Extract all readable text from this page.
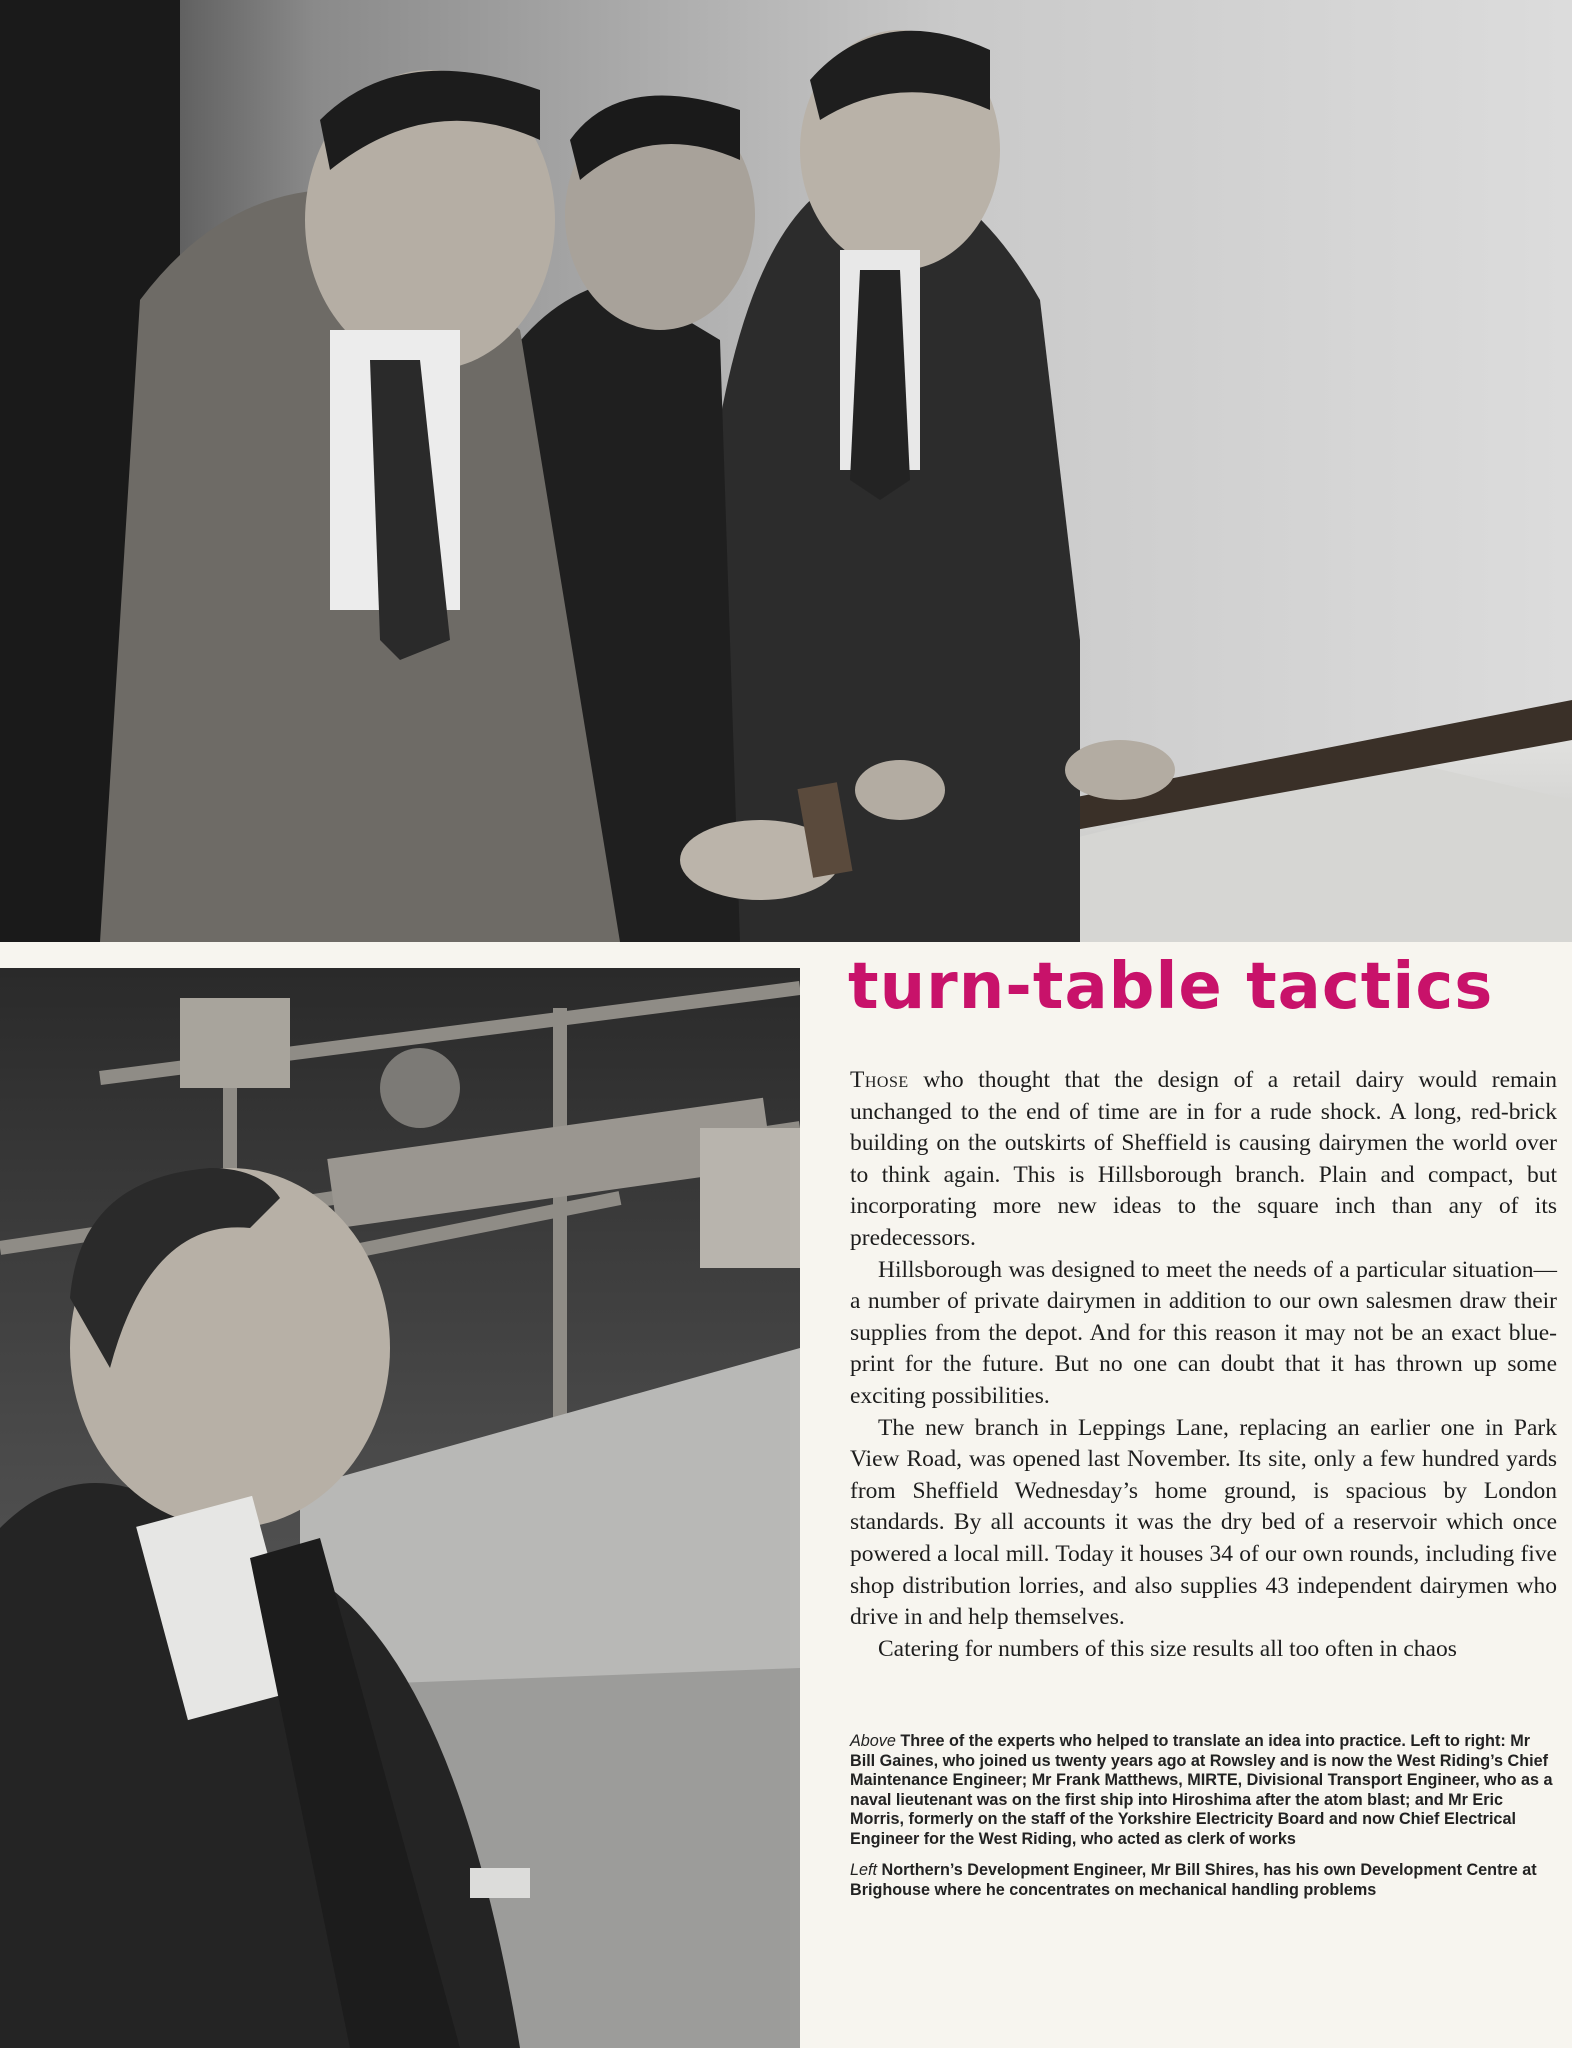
turn-table tactics

Those who thought that the design of a retail dairy would remain unchanged to the end of time are in for a rude shock. A long, red-brick building on the outskirts of Sheffield is causing dairymen the world over to think again. This is Hillsborough branch. Plain and compact, but incorporating more new ideas to the square inch than any of its predecessors.

Hillsborough was designed to meet the needs of a particular situation—a number of private dairymen in addition to our own salesmen draw their supplies from the depot. And for this reason it may not be an exact blue-print for the future. But no one can doubt that it has thrown up some exciting possibilities.

The new branch in Leppings Lane, replacing an earlier one in Park View Road, was opened last November. Its site, only a few hundred yards from Sheffield Wednesday’s home ground, is spacious by London standards. By all accounts it was the dry bed of a reservoir which once powered a local mill. Today it houses 34 of our own rounds, including five shop distribution lorries, and also supplies 43 independent dairymen who drive in and help themselves.

Catering for numbers of this size results all too often in chaos

Above Three of the experts who helped to translate an idea into practice. Left to right: Mr Bill Gaines, who joined us twenty years ago at Rowsley and is now the West Riding’s Chief Maintenance Engineer; Mr Frank Matthews, MIRTE, Divisional Transport Engineer, who as a naval lieutenant was on the first ship into Hiroshima after the atom blast; and Mr Eric Morris, formerly on the staff of the Yorkshire Electricity Board and now Chief Electrical Engineer for the West Riding, who acted as clerk of works

Left Northern’s Development Engineer, Mr Bill Shires, has his own Development Centre at Brighouse where he concentrates on mechanical handling problems
